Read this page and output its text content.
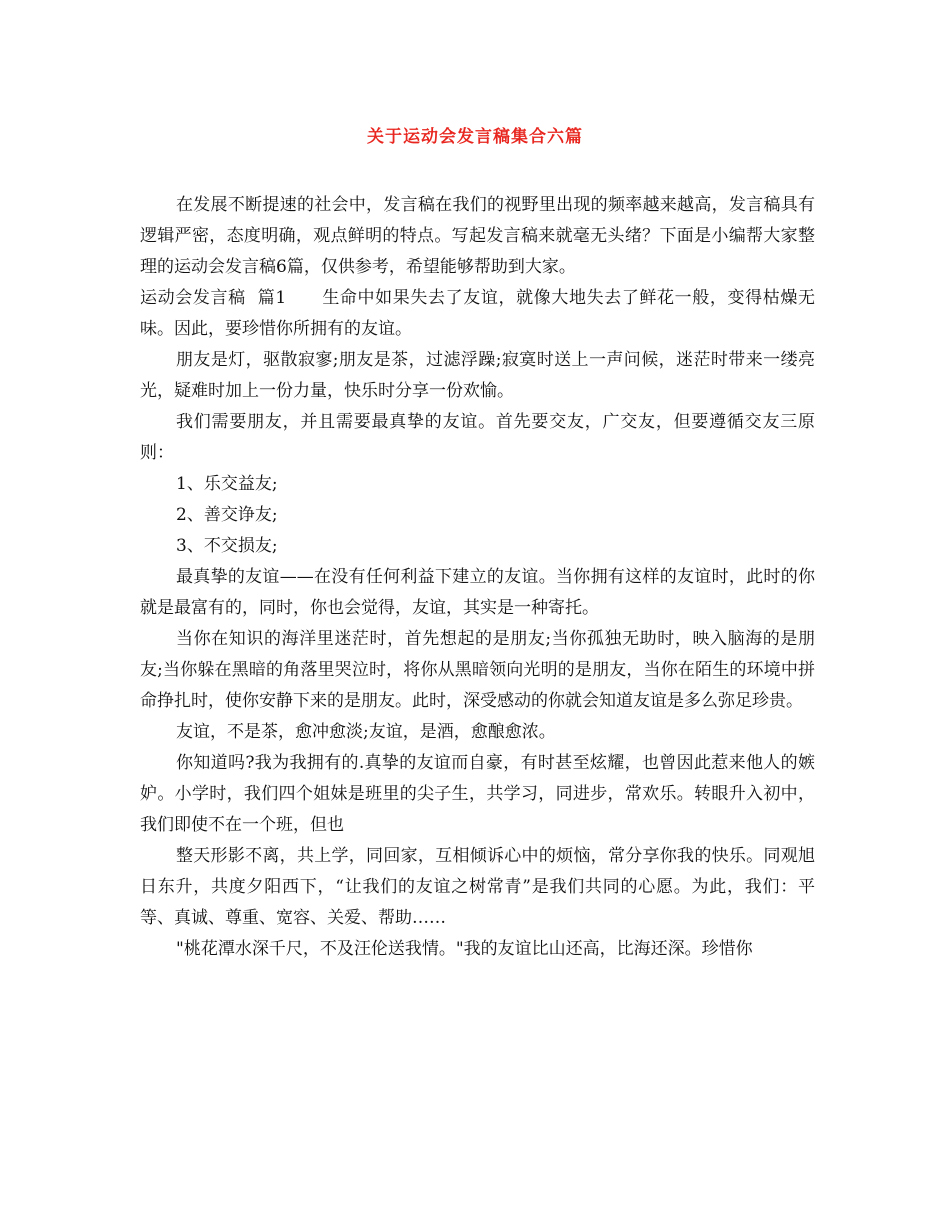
关于运动会发言稿集合六篇

在发展不断提速的社会中，发言稿在我们的视野里出现的频率越来越高，发言稿具有逻辑严密，态度明确，观点鲜明的特点。写起发言稿来就毫无头绪？下面是小编帮大家整理的运动会发言稿6篇，仅供参考，希望能够帮助到大家。

运动会发言稿  篇1      生命中如果失去了友谊，就像大地失去了鲜花一般，变得枯燥无味。因此，要珍惜你所拥有的友谊。

朋友是灯，驱散寂寥;朋友是茶，过滤浮躁;寂寞时送上一声问候，迷茫时带来一缕亮光，疑难时加上一份力量，快乐时分享一份欢愉。

我们需要朋友，并且需要最真挚的友谊。首先要交友，广交友，但要遵循交友三原则：

1、乐交益友;

2、善交诤友;

3、不交损友;

最真挚的友谊——在没有任何利益下建立的友谊。当你拥有这样的友谊时，此时的你就是最富有的，同时，你也会觉得，友谊，其实是一种寄托。

当你在知识的海洋里迷茫时，首先想起的是朋友;当你孤独无助时，映入脑海的是朋友;当你躲在黑暗的角落里哭泣时，将你从黑暗领向光明的是朋友，当你在陌生的环境中拼命挣扎时，使你安静下来的是朋友。此时，深受感动的你就会知道友谊是多么弥足珍贵。

友谊，不是茶，愈冲愈淡;友谊，是酒，愈酿愈浓。

你知道吗?我为我拥有的.真挚的友谊而自豪，有时甚至炫耀，也曾因此惹来他人的嫉妒。小学时，我们四个姐妹是班里的尖子生，共学习，同进步，常欢乐。转眼升入初中，我们即使不在一个班，但也

整天形影不离，共上学，同回家，互相倾诉心中的烦恼，常分享你我的快乐。同观旭日东升，共度夕阳西下，“让我们的友谊之树常青”是我们共同的心愿。为此，我们：平等、真诚、尊重、宽容、关爱、帮助……

"桃花潭水深千尺，不及汪伦送我情。"我的友谊比山还高，比海还深。珍惜你
